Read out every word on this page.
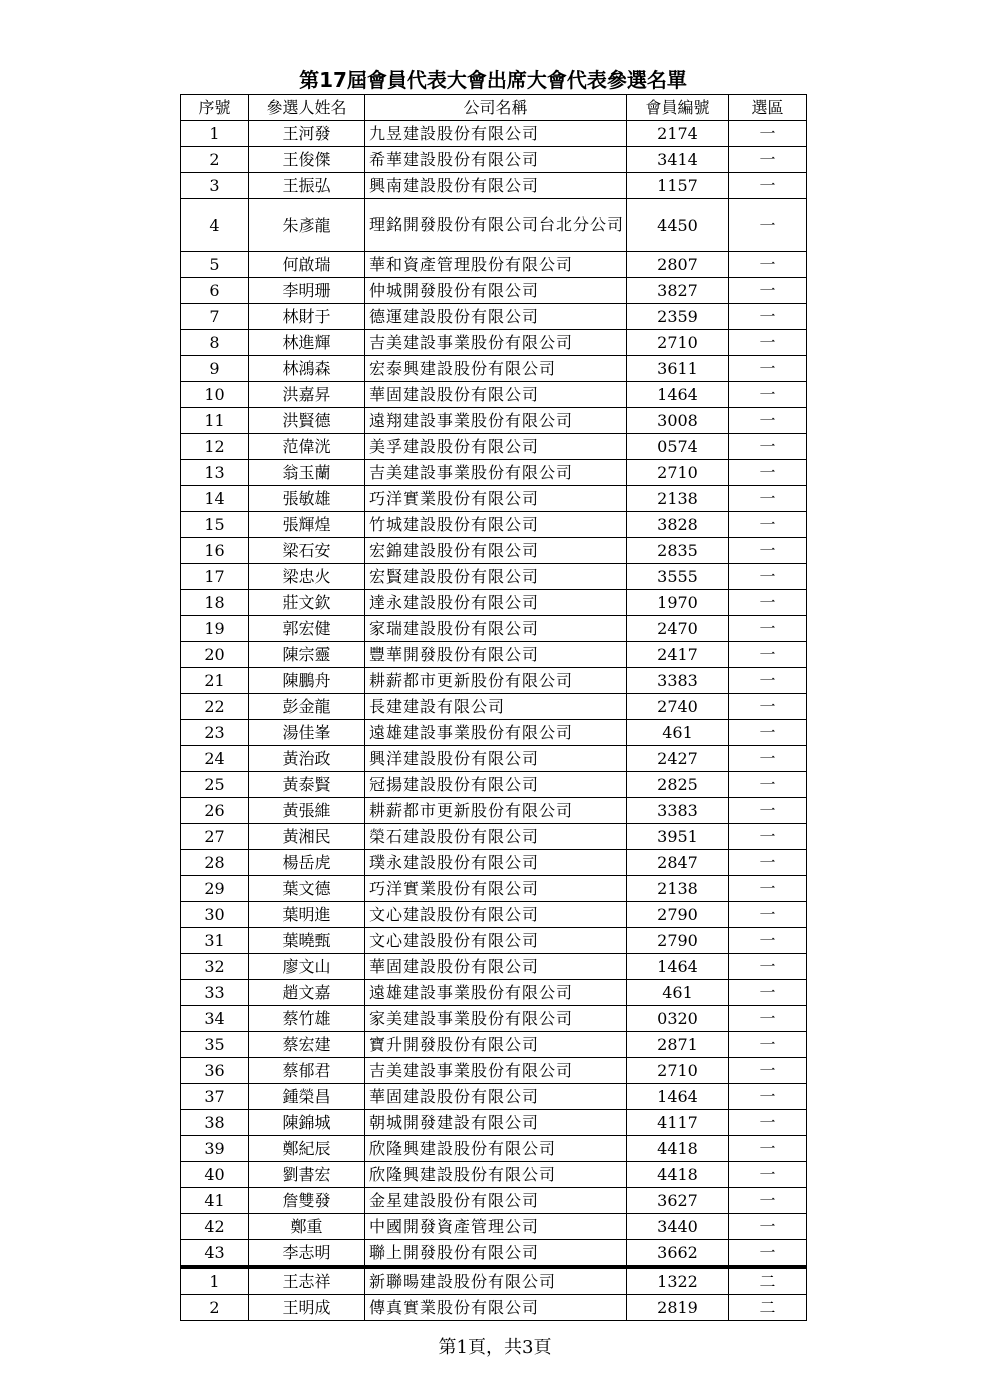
第17屆會員代表大會出席大會代表參選名單
序號	參選人姓名	公司名稱	會員編號	選區
1	王河發	九昱建設股份有限公司	2174	一
2	王俊傑	希華建設股份有限公司	3414	一
3	王振弘	興南建設股份有限公司	1157	一
4	朱彥龍	理銘開發股份有限公司台北分公司	4450	一
5	何啟瑞	華和資產管理股份有限公司	2807	一
6	李明珊	仲城開發股份有限公司	3827	一
7	林財于	德運建設股份有限公司	2359	一
8	林進輝	吉美建設事業股份有限公司	2710	一
9	林鴻森	宏泰興建設股份有限公司	3611	一
10	洪嘉昇	華固建設股份有限公司	1464	一
11	洪賢德	遠翔建設事業股份有限公司	3008	一
12	范偉洸	美孚建設股份有限公司	0574	一
13	翁玉蘭	吉美建設事業股份有限公司	2710	一
14	張敏雄	巧洋實業股份有限公司	2138	一
15	張輝煌	竹城建設股份有限公司	3828	一
16	梁石安	宏錦建設股份有限公司	2835	一
17	梁忠火	宏賢建設股份有限公司	3555	一
18	莊文欽	達永建設股份有限公司	1970	一
19	郭宏健	家瑞建設股份有限公司	2470	一
20	陳宗靈	豐華開發股份有限公司	2417	一
21	陳鵬舟	耕薪都市更新股份有限公司	3383	一
22	彭金龍	長建建設有限公司	2740	一
23	湯佳峯	遠雄建設事業股份有限公司	461	一
24	黃治政	興洋建設股份有限公司	2427	一
25	黃泰賢	冠揚建設股份有限公司	2825	一
26	黃張維	耕薪都市更新股份有限公司	3383	一
27	黃湘民	榮石建設股份有限公司	3951	一
28	楊岳虎	璞永建設股份有限公司	2847	一
29	葉文德	巧洋實業股份有限公司	2138	一
30	葉明進	文心建設股份有限公司	2790	一
31	葉曉甄	文心建設股份有限公司	2790	一
32	廖文山	華固建設股份有限公司	1464	一
33	趙文嘉	遠雄建設事業股份有限公司	461	一
34	蔡竹雄	家美建設事業股份有限公司	0320	一
35	蔡宏建	寶升開發股份有限公司	2871	一
36	蔡郁君	吉美建設事業股份有限公司	2710	一
37	鍾榮昌	華固建設股份有限公司	1464	一
38	陳錦城	朝城開發建設有限公司	4117	一
39	鄭紀辰	欣隆興建設股份有限公司	4418	一
40	劉書宏	欣隆興建設股份有限公司	4418	一
41	詹雙發	金星建設股份有限公司	3627	一
42	鄭重	中國開發資產管理公司	3440	一
43	李志明	聯上開發股份有限公司	3662	一
1	王志祥	新聯暘建設股份有限公司	1322	二
2	王明成	傳真實業股份有限公司	2819	二
第1頁，共3頁
